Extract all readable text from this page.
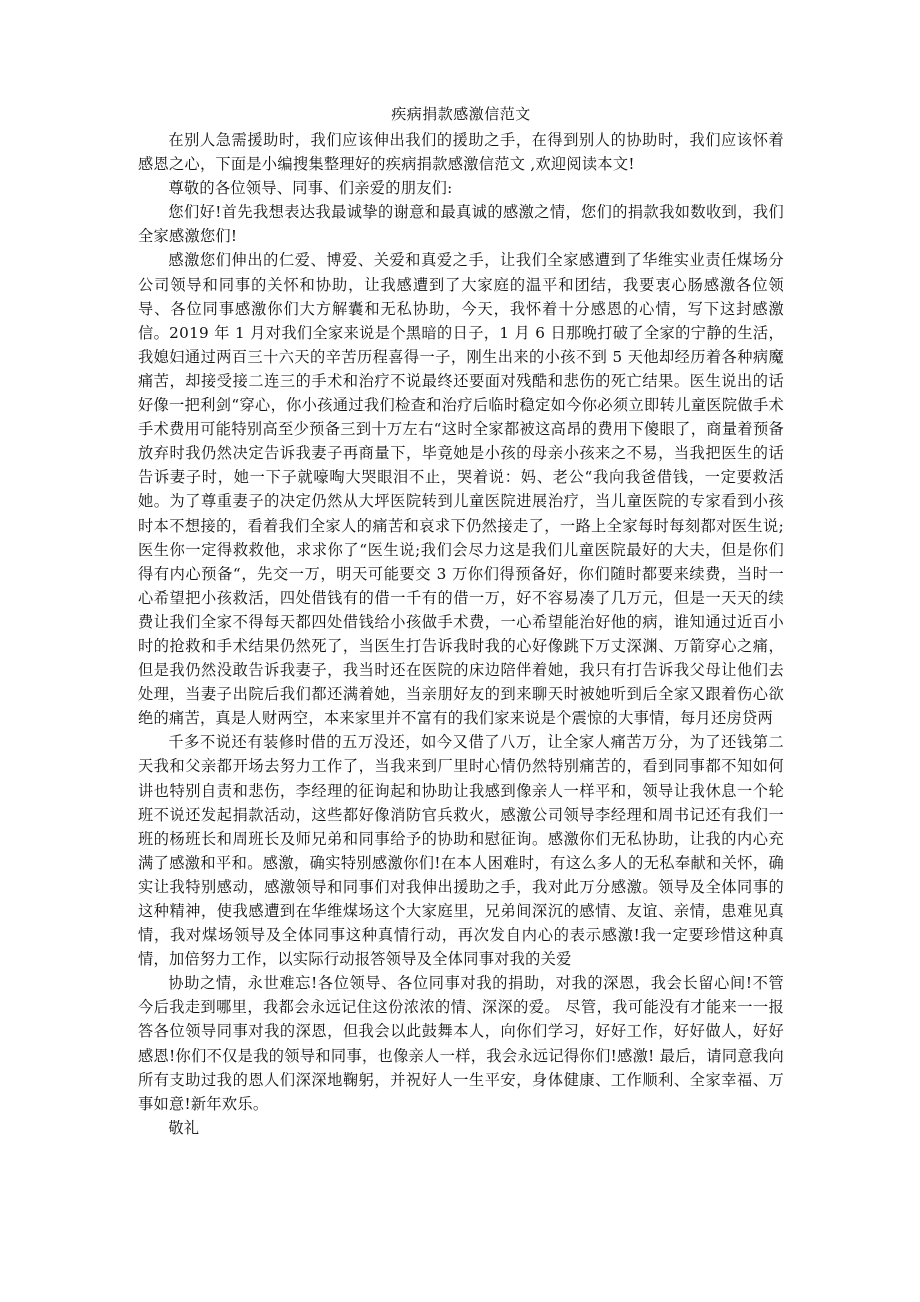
疾病捐款感激信范文

在别人急需援助时，我们应该伸出我们的援助之手，在得到别人的协助时，我们应该怀着感恩之心，下面是小编搜集整理好的疾病捐款感激信范文 ,欢迎阅读本文!

尊敬的各位领导、同事、们亲爱的朋友们:

您们好!首先我想表达我最诚挚的谢意和最真诚的感激之情，您们的捐款我如数收到，我们全家感激您们!

感激您们伸出的仁爱、博爱、关爱和真爱之手，让我们全家感遭到了华维实业责任煤场分公司领导和同事的关怀和协助，让我感遭到了大家庭的温平和团结，我要衷心肠感激各位领导、各位同事感激你们大方解囊和无私协助，今天，我怀着十分感恩的心情，写下这封感激信。2019 年 1 月对我们全家来说是个黑暗的日子，1 月 6 日那晚打破了全家的宁静的生活，我媳妇通过两百三十六天的辛苦历程喜得一子，刚生出来的小孩不到 5 天他却经历着各种病魔痛苦，却接受接二连三的手术和治疗不说最终还要面对残酷和悲伤的死亡结果。医生说出的话好像一把利剑“穿心，你小孩通过我们检查和治疗后临时稳定如今你必须立即转儿童医院做手术手术费用可能特别高至少预备三到十万左右“这时全家都被这高昂的费用下傻眼了，商量着预备放弃时我仍然决定告诉我妻子再商量下，毕竟她是小孩的母亲小孩来之不易，当我把医生的话告诉妻子时，她一下子就嚎啕大哭眼泪不止，哭着说：妈、老公“我向我爸借钱，一定要救活她。为了尊重妻子的决定仍然从大坪医院转到儿童医院进展治疗，当儿童医院的专家看到小孩时本不想接的，看着我们全家人的痛苦和哀求下仍然接走了，一路上全家每时每刻都对医生说;医生你一定得救救他，求求你了“医生说;我们会尽力这是我们儿童医院最好的大夫，但是你们得有内心预备“，先交一万，明天可能要交 3 万你们得预备好，你们随时都要来续费，当时一心希望把小孩救活，四处借钱有的借一千有的借一万，好不容易凑了几万元，但是一天天的续费让我们全家不得每天都四处借钱给小孩做手术费，一心希望能治好他的病，谁知通过近百小时的抢救和手术结果仍然死了，当医生打告诉我时我的心好像跳下万丈深渊、万箭穿心之痛，但是我仍然没敢告诉我妻子，我当时还在医院的床边陪伴着她，我只有打告诉我父母让他们去处理，当妻子出院后我们都还满着她，当亲朋好友的到来聊天时被她听到后全家又跟着伤心欲绝的痛苦，真是人财两空，本来家里并不富有的我们家来说是个震惊的大事情，每月还房贷两

千多不说还有装修时借的五万没还，如今又借了八万，让全家人痛苦万分，为了还钱第二天我和父亲都开场去努力工作了，当我来到厂里时心情仍然特别痛苦的，看到同事都不知如何讲也特别自责和悲伤，李经理的征询起和协助让我感到像亲人一样平和，领导让我休息一个轮班不说还发起捐款活动，这些都好像消防官兵救火，感激公司领导李经理和周书记还有我们一班的杨班长和周班长及师兄弟和同事给予的协助和慰征询。感激你们无私协助，让我的内心充满了感激和平和。感激，确实特别感激你们!在本人困难时，有这么多人的无私奉献和关怀，确实让我特别感动，感激领导和同事们对我伸出援助之手，我对此万分感激。领导及全体同事的这种精神，使我感遭到在华维煤场这个大家庭里，兄弟间深沉的感情、友谊、亲情，患难见真情，我对煤场领导及全体同事这种真情行动，再次发自内心的表示感激!我一定要珍惜这种真情，加倍努力工作，以实际行动报答领导及全体同事对我的关爱

协助之情，永世难忘!各位领导、各位同事对我的捐助，对我的深恩，我会长留心间!不管今后我走到哪里，我都会永远记住这份浓浓的情、深深的爱。 尽管，我可能没有才能来一一报答各位领导同事对我的深恩，但我会以此鼓舞本人，向你们学习，好好工作，好好做人，好好感恩!你们不仅是我的领导和同事，也像亲人一样，我会永远记得你们!感激! 最后，请同意我向所有支助过我的恩人们深深地鞠躬，并祝好人一生平安，身体健康、工作顺利、全家幸福、万事如意!新年欢乐。

敬礼
